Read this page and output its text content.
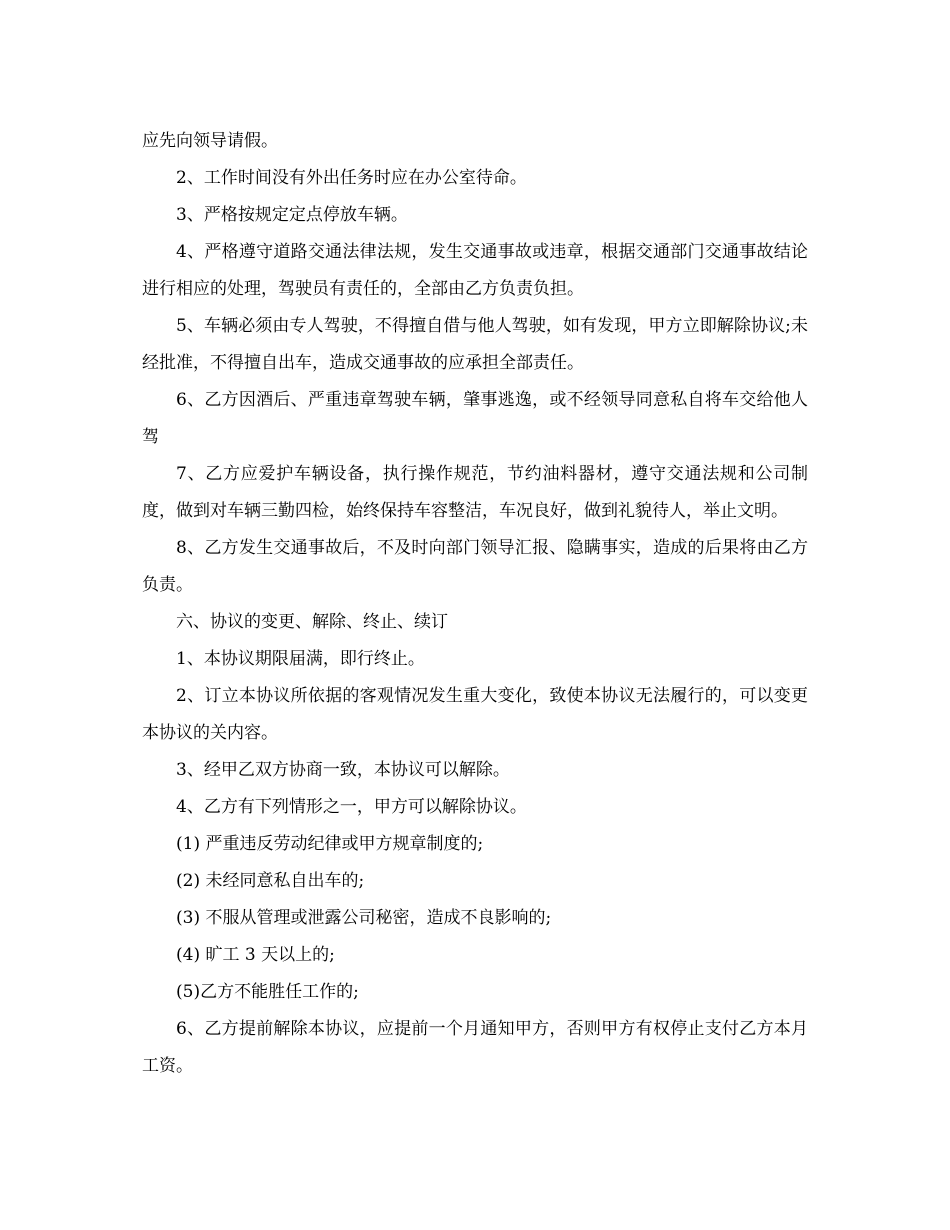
应先向领导请假。

2、工作时间没有外出任务时应在办公室待命。

3、严格按规定定点停放车辆。

4、严格遵守道路交通法律法规，发生交通事故或违章，根据交通部门交通事故结论进行相应的处理，驾驶员有责任的，全部由乙方负责负担。

5、车辆必须由专人驾驶，不得擅自借与他人驾驶，如有发现，甲方立即解除协议;未经批准，不得擅自出车，造成交通事故的应承担全部责任。

6、乙方因酒后、严重违章驾驶车辆，肇事逃逸，或不经领导同意私自将车交给他人驾

7、乙方应爱护车辆设备，执行操作规范，节约油料器材，遵守交通法规和公司制度，做到对车辆三勤四检，始终保持车容整洁，车况良好，做到礼貌待人，举止文明。

8、乙方发生交通事故后，不及时向部门领导汇报、隐瞒事实，造成的后果将由乙方负责。

六、协议的变更、解除、终止、续订

1、本协议期限届满，即行终止。

2、订立本协议所依据的客观情况发生重大变化，致使本协议无法履行的，可以变更本协议的关内容。

3、经甲乙双方协商一致，本协议可以解除。

4、乙方有下列情形之一，甲方可以解除协议。

(1) 严重违反劳动纪律或甲方规章制度的;

(2) 未经同意私自出车的;

(3) 不服从管理或泄露公司秘密，造成不良影响的;

(4) 旷工 3 天以上的;

(5)乙方不能胜任工作的;

6、乙方提前解除本协议，应提前一个月通知甲方，否则甲方有权停止支付乙方本月工资。
